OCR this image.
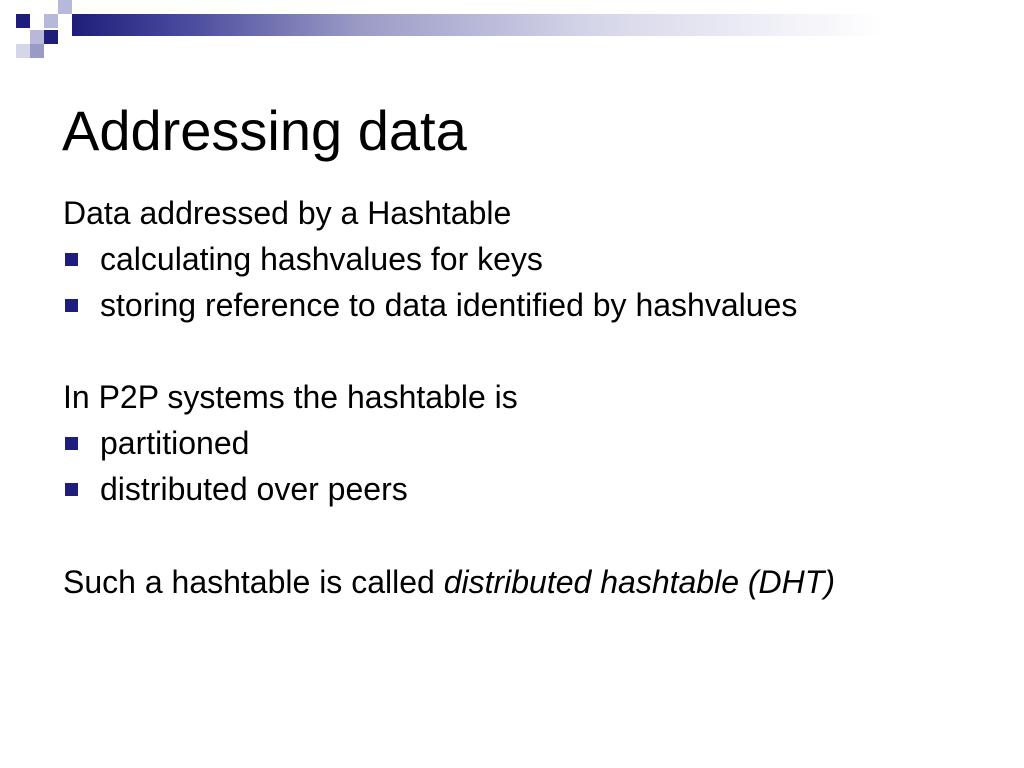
Addressing data

Data addressed by a Hashtable

calculating hashvalues for keys
storing reference to data identified by hashvalues

In P2P systems the hashtable is

partitioned
distributed over peers

Such a hashtable is called distributed hashtable (DHT)
